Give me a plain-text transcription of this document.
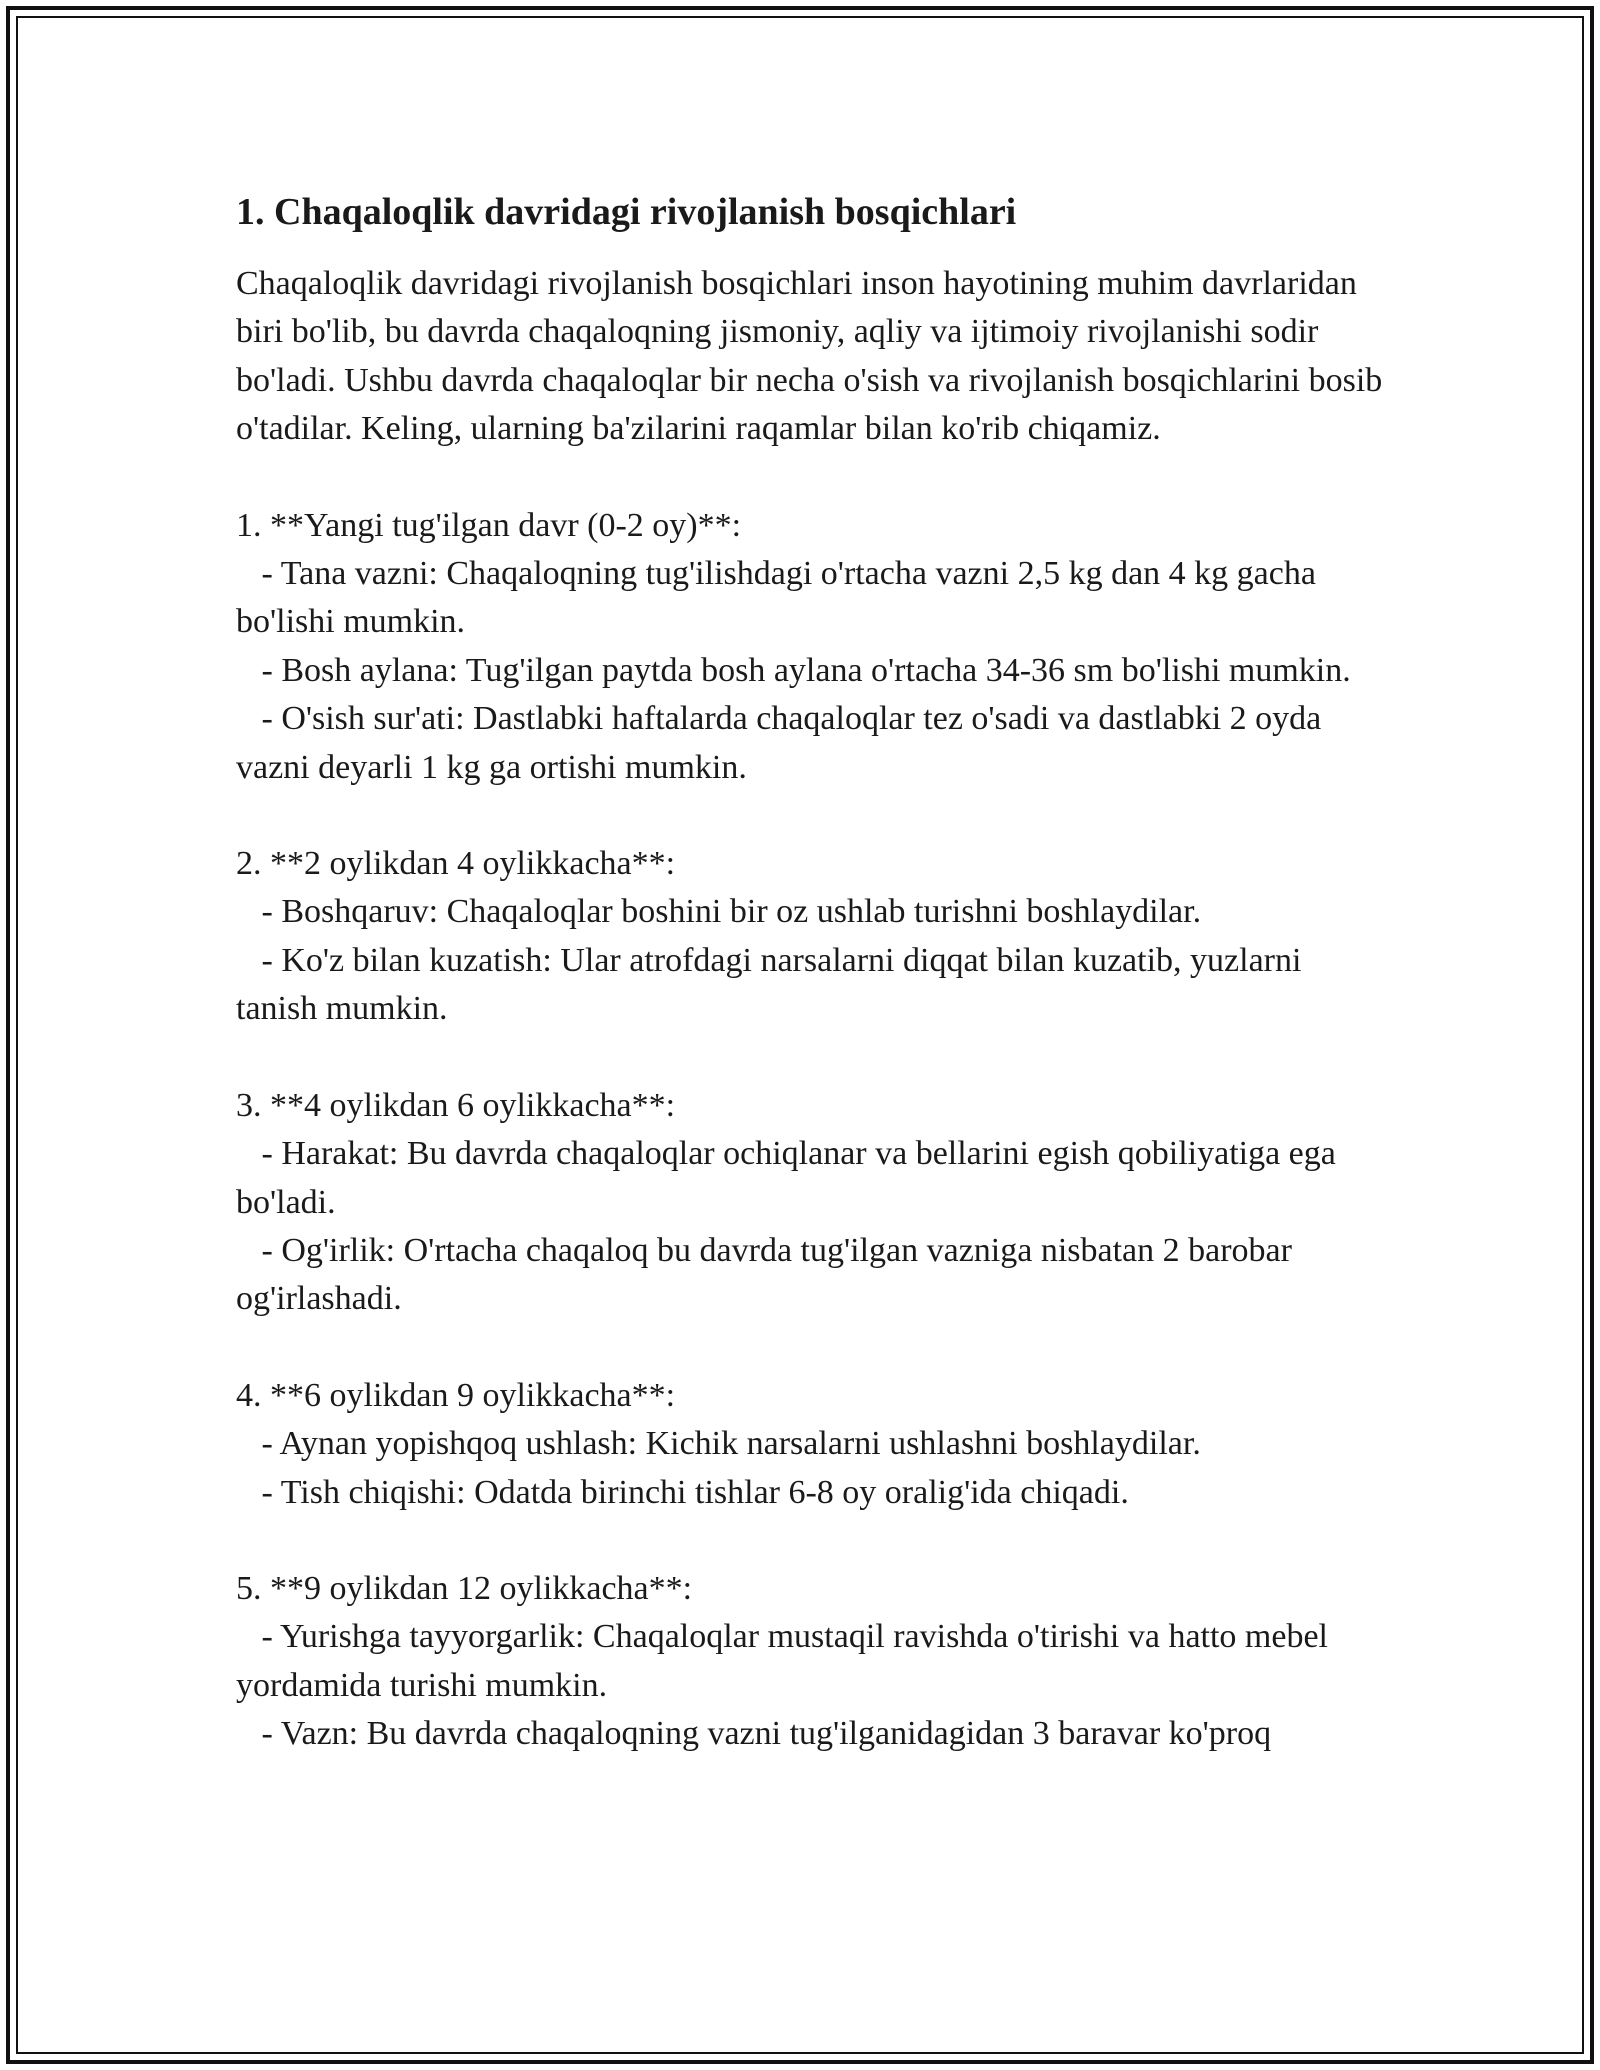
1. Chaqaloqlik davridagi rivojlanish bosqichlari

Chaqaloqlik davridagi rivojlanish bosqichlari inson hayotining muhim davrlaridan biri bo'lib, bu davrda chaqaloqning jismoniy, aqliy va ijtimoiy rivojlanishi sodir bo'ladi. Ushbu davrda chaqaloqlar bir necha o'sish va rivojlanish bosqichlarini bosib o'tadilar. Keling, ularning ba'zilarini raqamlar bilan ko'rib chiqamiz.

1. **Yangi tug'ilgan davr (0-2 oy)**:
- Tana vazni: Chaqaloqning tug'ilishdagi o'rtacha vazni 2,5 kg dan 4 kg gacha bo'lishi mumkin.
- Bosh aylana: Tug'ilgan paytda bosh aylana o'rtacha 34-36 sm bo'lishi mumkin.
- O'sish sur'ati: Dastlabki haftalarda chaqaloqlar tez o'sadi va dastlabki 2 oyda vazni deyarli 1 kg ga ortishi mumkin.
2. **2 oylikdan 4 oylikkacha**:
- Boshqaruv: Chaqaloqlar boshini bir oz ushlab turishni boshlaydilar.
- Ko'z bilan kuzatish: Ular atrofdagi narsalarni diqqat bilan kuzatib, yuzlarni tanish mumkin.
3. **4 oylikdan 6 oylikkacha**:
- Harakat: Bu davrda chaqaloqlar ochiqlanar va bellarini egish qobiliyatiga ega bo'ladi.
- Og'irlik: O'rtacha chaqaloq bu davrda tug'ilgan vazniga nisbatan 2 barobar og'irlashadi.
4. **6 oylikdan 9 oylikkacha**:
- Aynan yopishqoq ushlash: Kichik narsalarni ushlashni boshlaydilar.
- Tish chiqishi: Odatda birinchi tishlar 6-8 oy oralig'ida chiqadi.
5. **9 oylikdan 12 oylikkacha**:
- Yurishga tayyorgarlik: Chaqaloqlar mustaqil ravishda o'tirishi va hatto mebel yordamida turishi mumkin.
- Vazn: Bu davrda chaqaloqning vazni tug'ilganidagidan 3 baravar ko'proq
